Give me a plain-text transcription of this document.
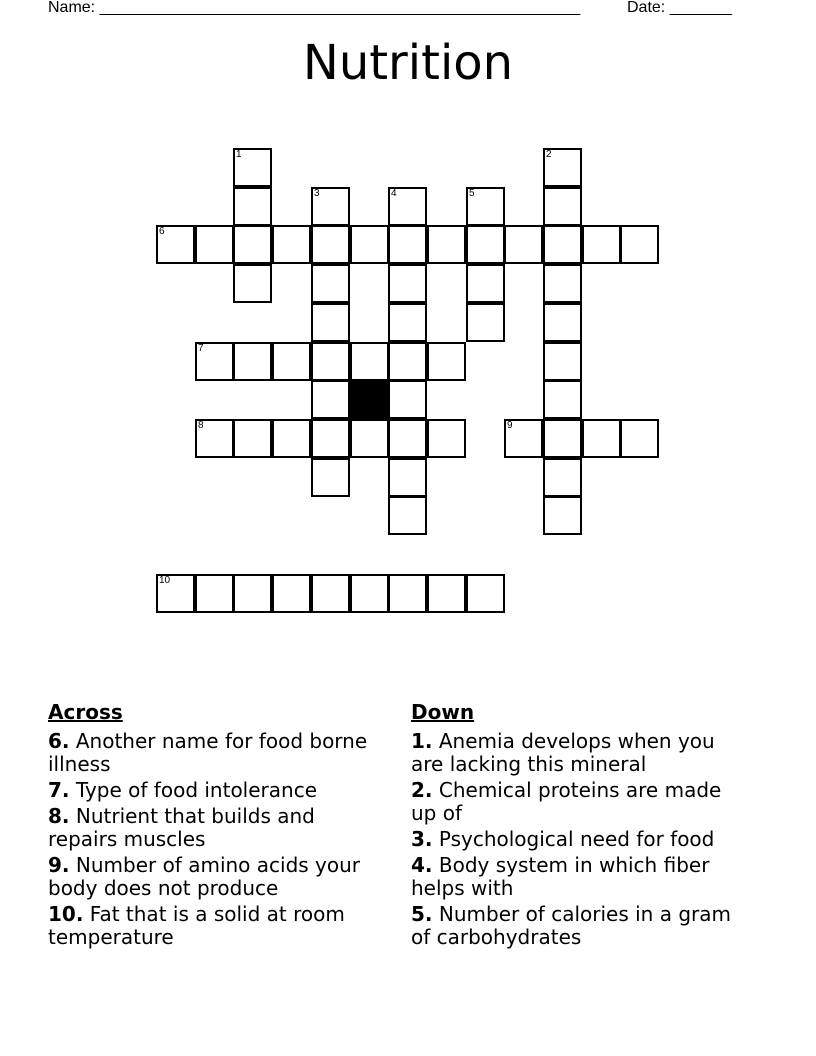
Name: ______________________________________________________	Date: _______
Nutrition
1	2
3	4	5
6
7
8	9
10
Across
6. Another name for food borne illness
7. Type of food intolerance
8. Nutrient that builds and repairs muscles
9. Number of amino acids your body does not produce
10. Fat that is a solid at room temperature
Down
1. Anemia develops when you are lacking this mineral
2. Chemical proteins are made up of
3. Psychological need for food
4. Body system in which fiber helps with
5. Number of calories in a gram of carbohydrates
